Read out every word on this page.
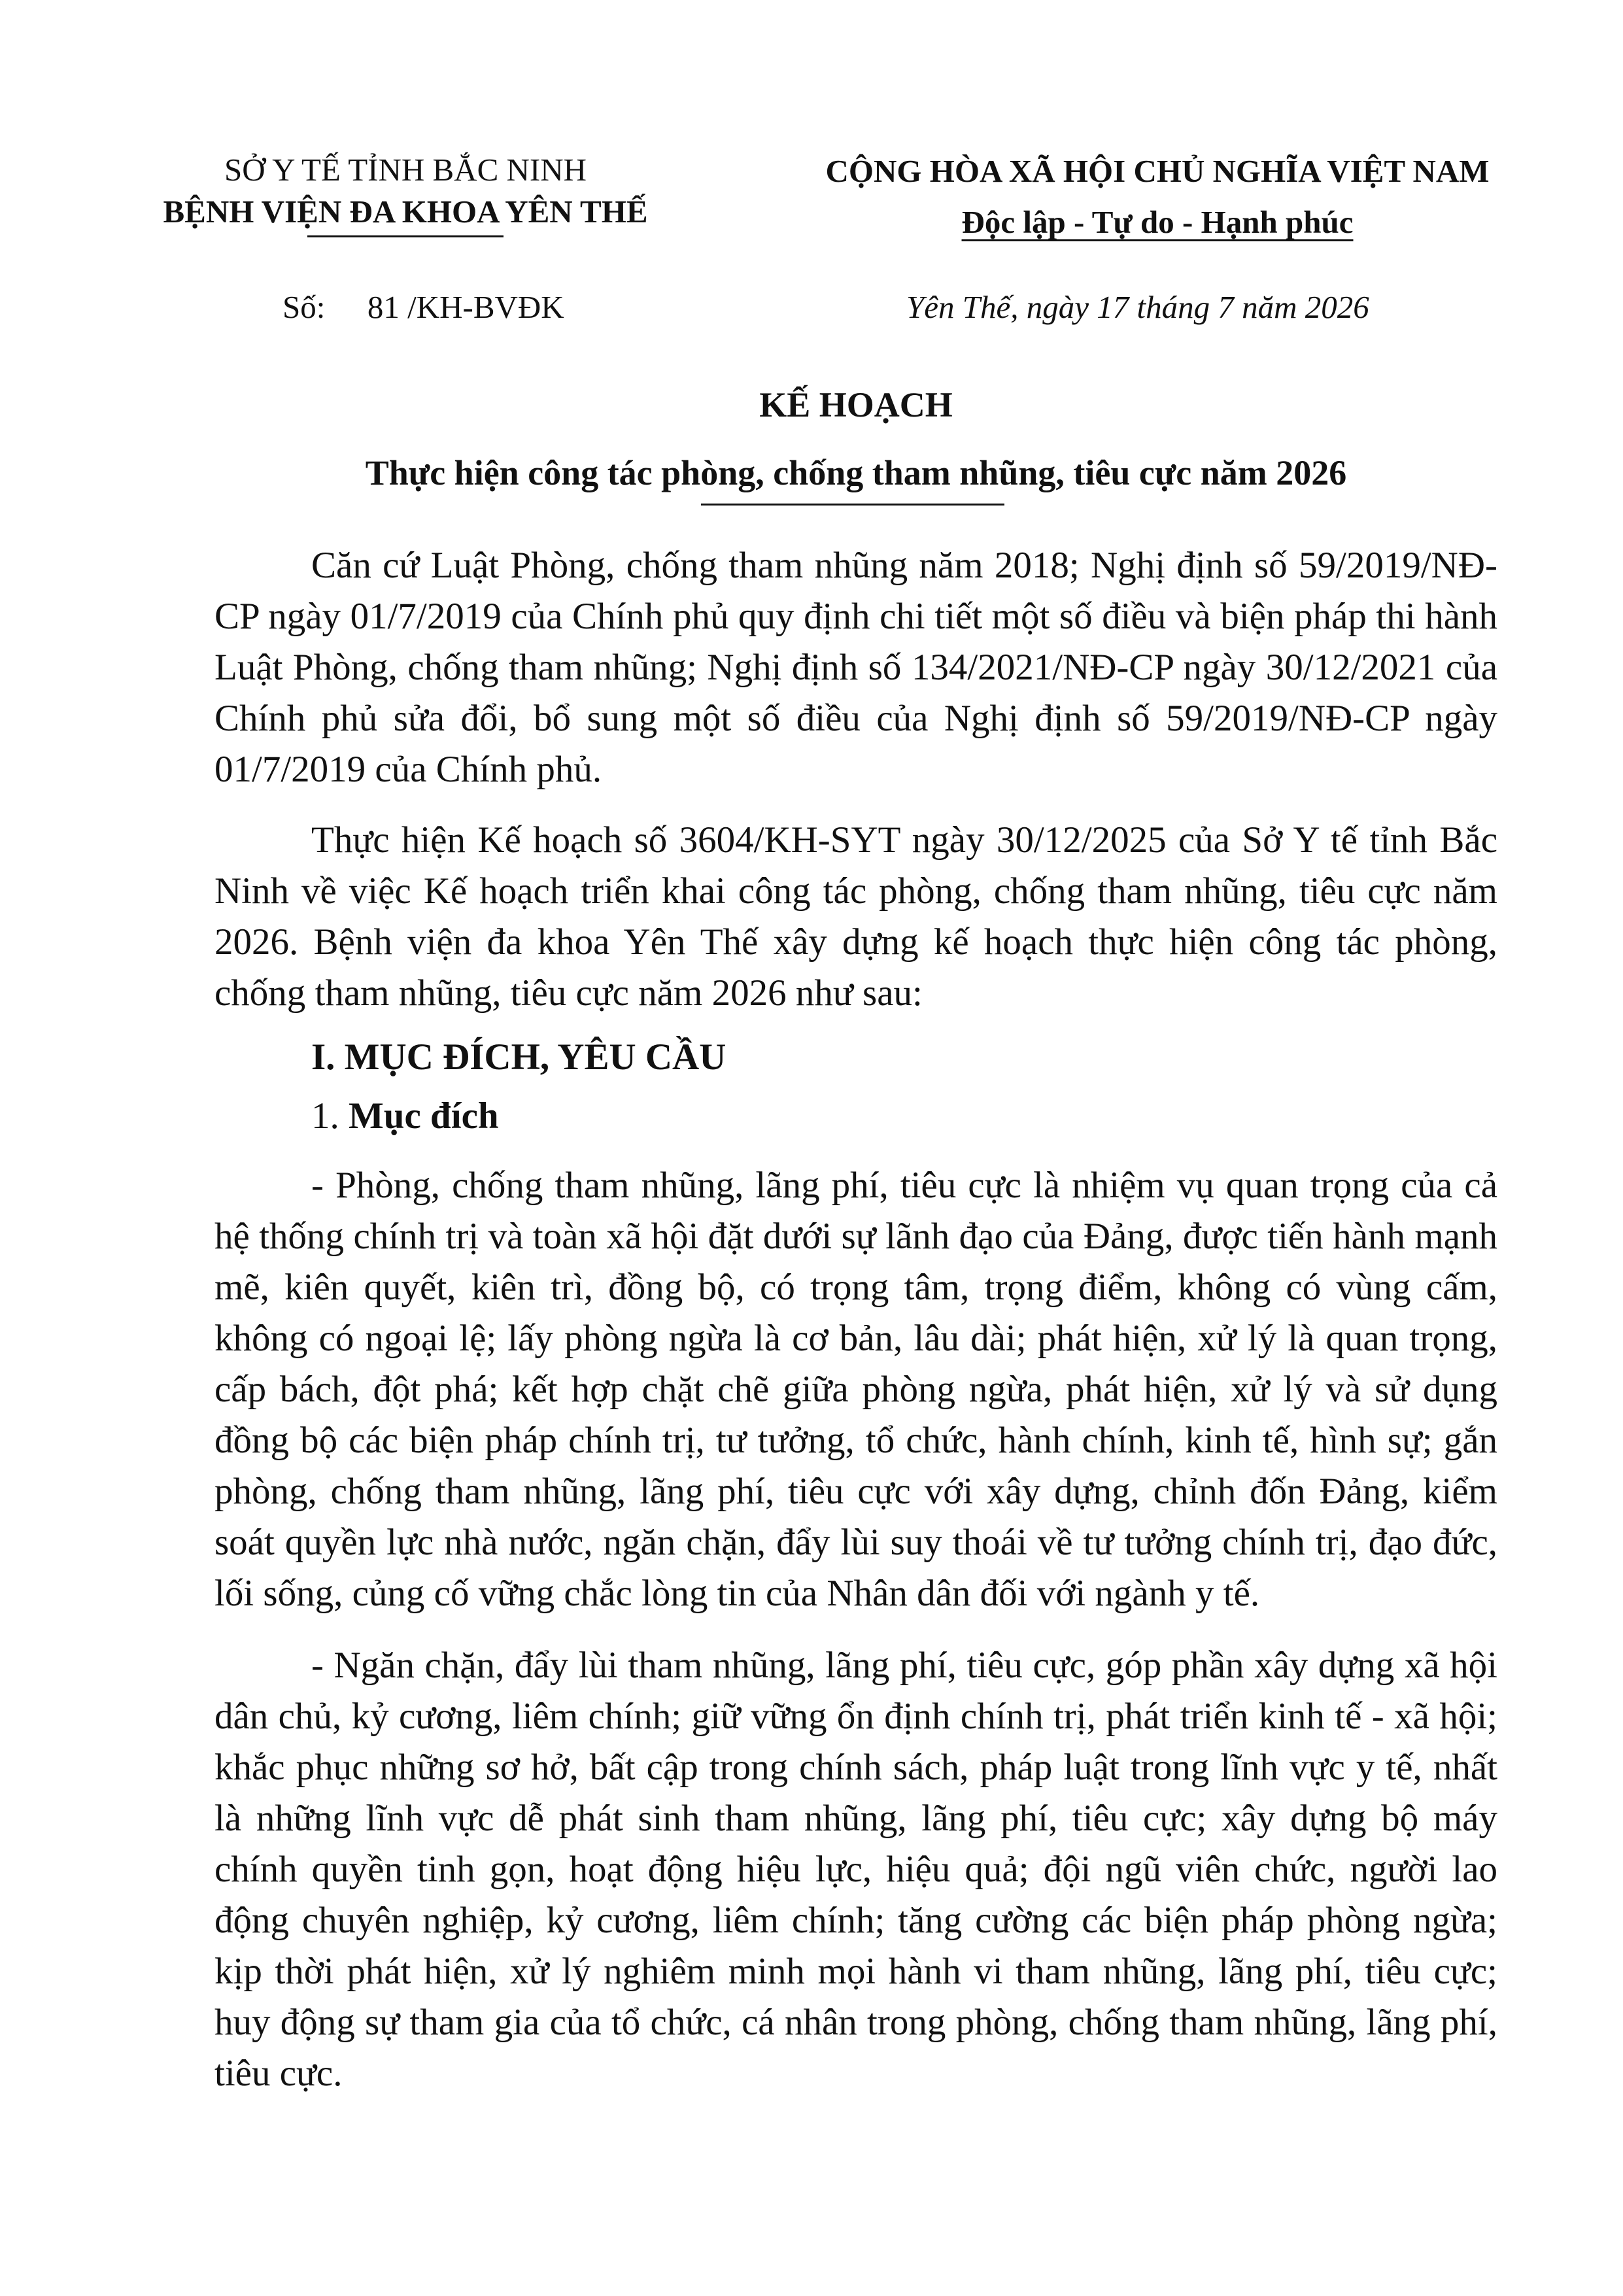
SỞ Y TẾ TỈNH BẮC NINH
BỆNH VIỆN ĐA KHOA YÊN THẾ
CỘNG HÒA XÃ HỘI CHỦ NGHĨA VIỆT NAM
Độc lập - Tự do - Hạnh phúc
Số: 81 /KH-BVĐK	Yên Thế, ngày 17 tháng 7 năm 2026
KẾ HOẠCH
Thực hiện công tác phòng, chống tham nhũng, tiêu cực năm 2026
Căn cứ Luật Phòng, chống tham nhũng năm 2018; Nghị định số 59/2019/NĐ-CP ngày 01/7/2019 của Chính phủ quy định chi tiết một số điều và biện pháp thi hành Luật Phòng, chống tham nhũng; Nghị định số 134/2021/NĐ-CP ngày 30/12/2021 của Chính phủ sửa đổi, bổ sung một số điều của Nghị định số 59/2019/NĐ-CP ngày 01/7/2019 của Chính phủ.
Thực hiện Kế hoạch số 3604/KH-SYT ngày 30/12/2025 của Sở Y tế tỉnh Bắc Ninh về việc Kế hoạch triển khai công tác phòng, chống tham nhũng, tiêu cực năm 2026. Bệnh viện đa khoa Yên Thế xây dựng kế hoạch thực hiện công tác phòng, chống tham nhũng, tiêu cực năm 2026 như sau:
I. MỤC ĐÍCH, YÊU CẦU
1. Mục đích
- Phòng, chống tham nhũng, lãng phí, tiêu cực là nhiệm vụ quan trọng của cả hệ thống chính trị và toàn xã hội đặt dưới sự lãnh đạo của Đảng, được tiến hành mạnh mẽ, kiên quyết, kiên trì, đồng bộ, có trọng tâm, trọng điểm, không có vùng cấm, không có ngoại lệ; lấy phòng ngừa là cơ bản, lâu dài; phát hiện, xử lý là quan trọng, cấp bách, đột phá; kết hợp chặt chẽ giữa phòng ngừa, phát hiện, xử lý và sử dụng đồng bộ các biện pháp chính trị, tư tưởng, tổ chức, hành chính, kinh tế, hình sự; gắn phòng, chống tham nhũng, lãng phí, tiêu cực với xây dựng, chỉnh đốn Đảng, kiểm soát quyền lực nhà nước, ngăn chặn, đẩy lùi suy thoái về tư tưởng chính trị, đạo đức, lối sống, củng cố vững chắc lòng tin của Nhân dân đối với ngành y tế.
- Ngăn chặn, đẩy lùi tham nhũng, lãng phí, tiêu cực, góp phần xây dựng xã hội dân chủ, kỷ cương, liêm chính; giữ vững ổn định chính trị, phát triển kinh tế - xã hội; khắc phục những sơ hở, bất cập trong chính sách, pháp luật trong lĩnh vực y tế, nhất là những lĩnh vực dễ phát sinh tham nhũng, lãng phí, tiêu cực; xây dựng bộ máy chính quyền tinh gọn, hoạt động hiệu lực, hiệu quả; đội ngũ viên chức, người lao động chuyên nghiệp, kỷ cương, liêm chính; tăng cường các biện pháp phòng ngừa; kịp thời phát hiện, xử lý nghiêm minh mọi hành vi tham nhũng, lãng phí, tiêu cực; huy động sự tham gia của tổ chức, cá nhân trong phòng, chống tham nhũng, lãng phí, tiêu cực.
